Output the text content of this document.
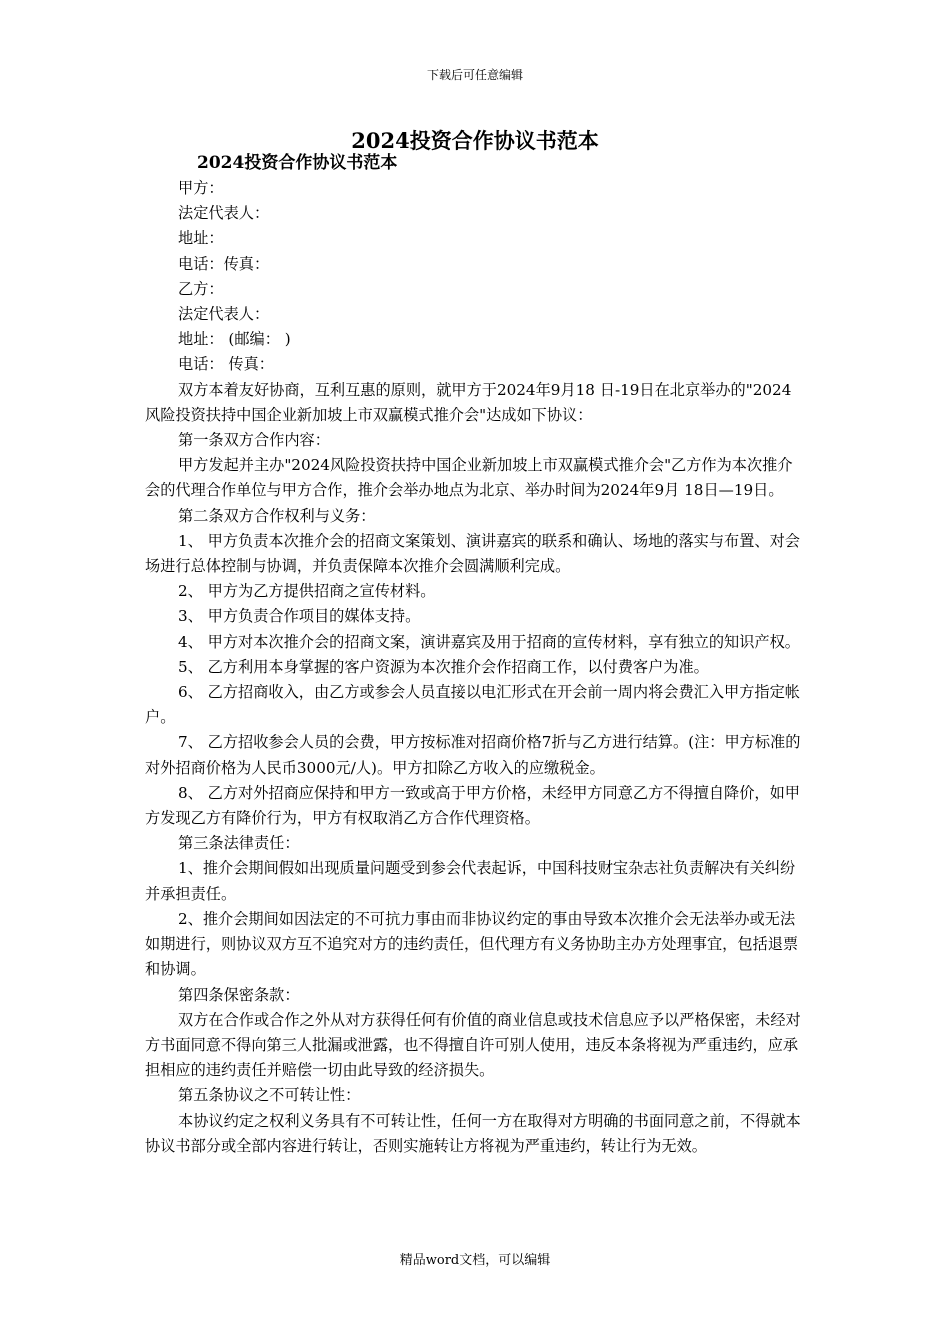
下载后可任意编辑
2024投资合作协议书范本
2024投资合作协议书范本

甲方：

法定代表人：

地址：

电话：传真：

乙方：

法定代表人：

地址： (邮编： )

电话： 传真：

双方本着友好协商，互利互惠的原则，就甲方于2024年9月18 日-19日在北京举办的"2024风险投资扶持中国企业新加坡上市双赢模式推介会"达成如下协议：

第一条双方合作内容：

甲方发起并主办"2024风险投资扶持中国企业新加坡上市双赢模式推介会"乙方作为本次推介会的代理合作单位与甲方合作，推介会举办地点为北京、举办时间为2024年9月 18日—19日。

第二条双方合作权利与义务：

1、 甲方负责本次推介会的招商文案策划、演讲嘉宾的联系和确认、场地的落实与布置、对会场进行总体控制与协调，并负责保障本次推介会圆满顺利完成。

2、 甲方为乙方提供招商之宣传材料。

3、 甲方负责合作项目的媒体支持。

4、 甲方对本次推介会的招商文案，演讲嘉宾及用于招商的宣传材料，享有独立的知识产权。

5、 乙方利用本身掌握的客户资源为本次推介会作招商工作，以付费客户为准。

6、 乙方招商收入，由乙方或参会人员直接以电汇形式在开会前一周内将会费汇入甲方指定帐户。

7、 乙方招收参会人员的会费，甲方按标准对招商价格7折与乙方进行结算。(注：甲方标准的对外招商价格为人民币3000元/人)。甲方扣除乙方收入的应缴税金。

8、 乙方对外招商应保持和甲方一致或高于甲方价格，未经甲方同意乙方不得擅自降价，如甲方发现乙方有降价行为，甲方有权取消乙方合作代理资格。

第三条法律责任：

1、推介会期间假如出现质量问题受到参会代表起诉，中国科技财宝杂志社负责解决有关纠纷并承担责任。

2、推介会期间如因法定的不可抗力事由而非协议约定的事由导致本次推介会无法举办或无法如期进行，则协议双方互不追究对方的违约责任，但代理方有义务协助主办方处理事宜，包括退票和协调。

第四条保密条款：

双方在合作或合作之外从对方获得任何有价值的商业信息或技术信息应予以严格保密，未经对方书面同意不得向第三人批漏或泄露，也不得擅自许可别人使用，违反本条将视为严重违约，应承担相应的违约责任并赔偿一切由此导致的经济损失。

第五条协议之不可转让性：

本协议约定之权利义务具有不可转让性，任何一方在取得对方明确的书面同意之前，不得就本协议书部分或全部内容进行转让，否则实施转让方将视为严重违约，转让行为无效。

精品word文档，可以编辑
